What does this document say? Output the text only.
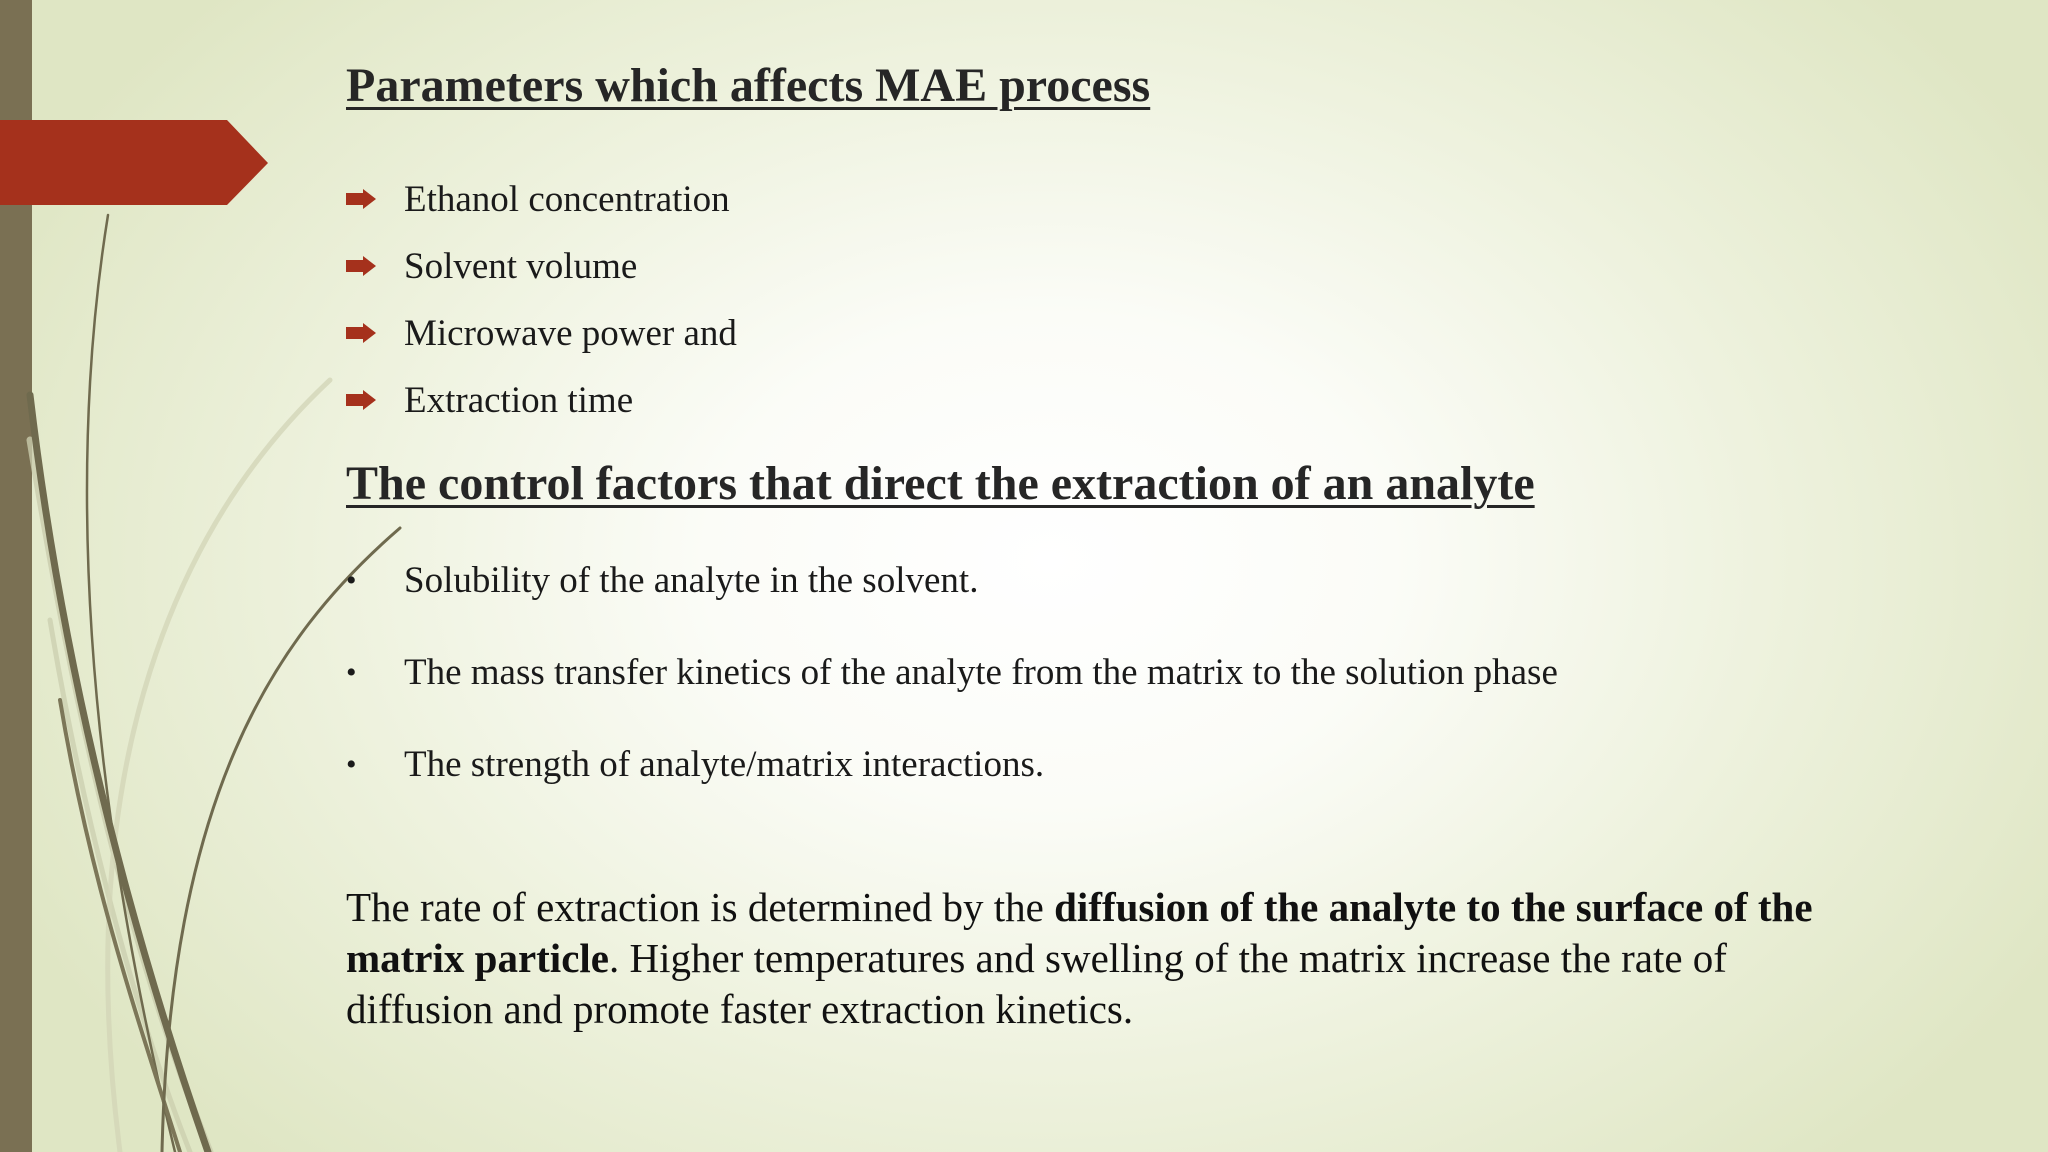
Parameters which affects MAE process
Ethanol concentration
Solvent volume
Microwave power and
Extraction time
The control factors that direct the extraction of an analyte
• Solubility of the analyte in the solvent.
• The mass transfer kinetics of the analyte from the matrix to the solution phase
• The strength of analyte/matrix interactions.

The rate of extraction is determined by the diffusion of the analyte to the surface of the matrix particle. Higher temperatures and swelling of the matrix increase the rate of diffusion and promote faster extraction kinetics.
